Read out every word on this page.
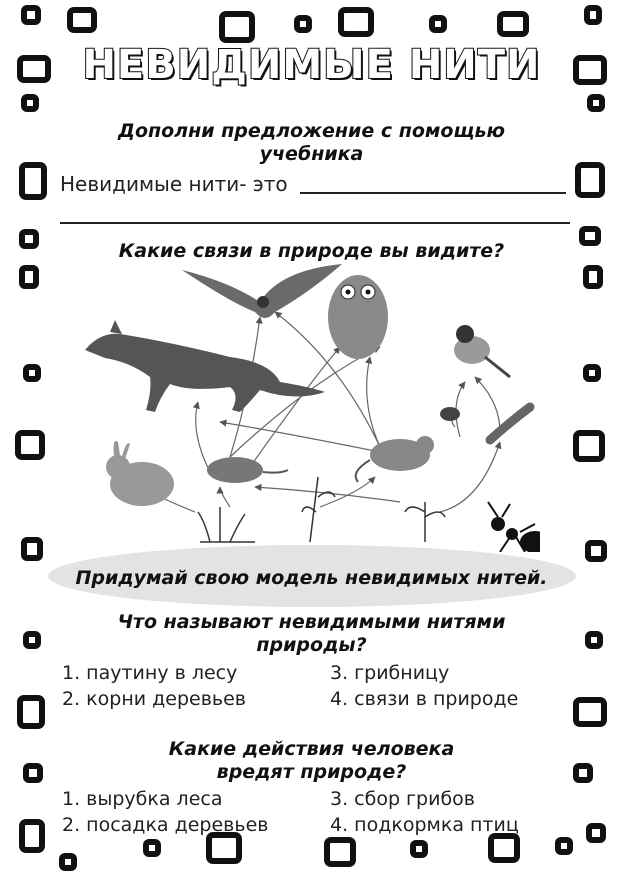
НЕВИДИМЫЕ НИТИ
Дополни предложение с помощью
учебника
Невидимые нити- это
Какие связи в природе вы видите?
Придумай свою модель невидимых нитей.
Что называют невидимыми нитями
природы?
1. паутину в лесу	3. грибницу
2. корни деревьев	4. связи в природе
Какие действия человека
вредят природе?
1. вырубка леса	3. сбор грибов
2. посадка деревьев	4. подкормка птиц
